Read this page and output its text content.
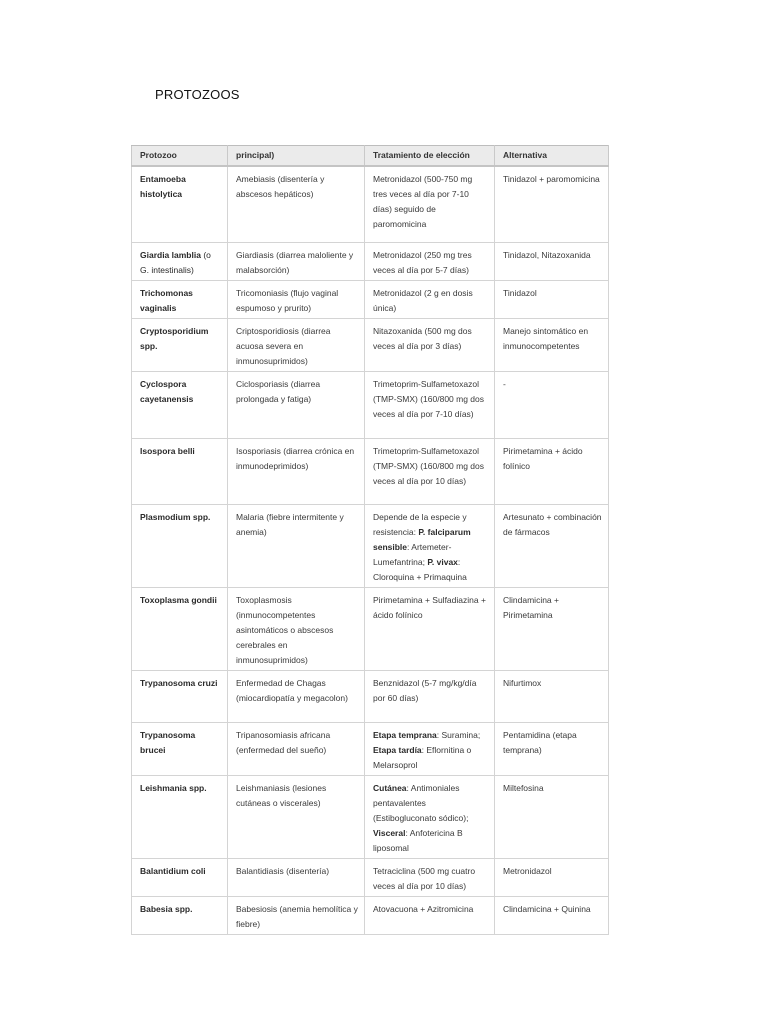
PROTOZOOS
Protozoo	principal)	Tratamiento de elección	Alternativa
Entamoeba histolytica	Amebiasis (disentería y abscesos hepáticos)	Metronidazol (500-750 mg tres veces al día por 7-10 días) seguido de paromomicina	Tinidazol + paromomicina
Giardia lamblia (o G. intestinalis)	Giardiasis (diarrea maloliente y malabsorción)	Metronidazol (250 mg tres veces al día por 5-7 días)	Tinidazol, Nitazoxanida
Trichomonas vaginalis	Tricomoniasis (flujo vaginal espumoso y prurito)	Metronidazol (2 g en dosis única)	Tinidazol
Cryptosporidium spp.	Criptosporidiosis (diarrea acuosa severa en inmunosuprimidos)	Nitazoxanida (500 mg dos veces al día por 3 días)	Manejo sintomático en inmunocompetentes
Cyclospora cayetanensis	Ciclosporiasis (diarrea prolongada y fatiga)	Trimetoprim-Sulfametoxazol (TMP-SMX) (160/800 mg dos veces al día por 7-10 días)	-
Isospora belli	Isosporiasis (diarrea crónica en inmunodeprimidos)	Trimetoprim-Sulfametoxazol (TMP-SMX) (160/800 mg dos veces al día por 10 días)	Pirimetamina + ácido folínico
Plasmodium spp.	Malaria (fiebre intermitente y anemia)	Depende de la especie y resistencia: P. falciparum sensible: Artemeter-Lumefantrina; P. vivax: Cloroquina + Primaquina	Artesunato + combinación de fármacos
Toxoplasma gondii	Toxoplasmosis (inmunocompetentes asintomáticos o abscesos cerebrales en inmunosuprimidos)	Pirimetamina + Sulfadiazina + ácido folínico	Clindamicina + Pirimetamina
Trypanosoma cruzi	Enfermedad de Chagas (miocardiopatía y megacolon)	Benznidazol (5-7 mg/kg/día por 60 días)	Nifurtimox
Trypanosoma brucei	Tripanosomiasis africana (enfermedad del sueño)	Etapa temprana: Suramina; Etapa tardía: Eflornitina o Melarsoprol	Pentamidina (etapa temprana)
Leishmania spp.	Leishmaniasis (lesiones cutáneas o viscerales)	Cutánea: Antimoniales pentavalentes (Estibogluconato sódico); Visceral: Anfotericina B liposomal	Miltefosina
Balantidium coli	Balantidiasis (disentería)	Tetraciclina (500 mg cuatro veces al día por 10 días)	Metronidazol
Babesia spp.	Babesiosis (anemia hemolítica y fiebre)	Atovacuona + Azitromicina	Clindamicina + Quinina
